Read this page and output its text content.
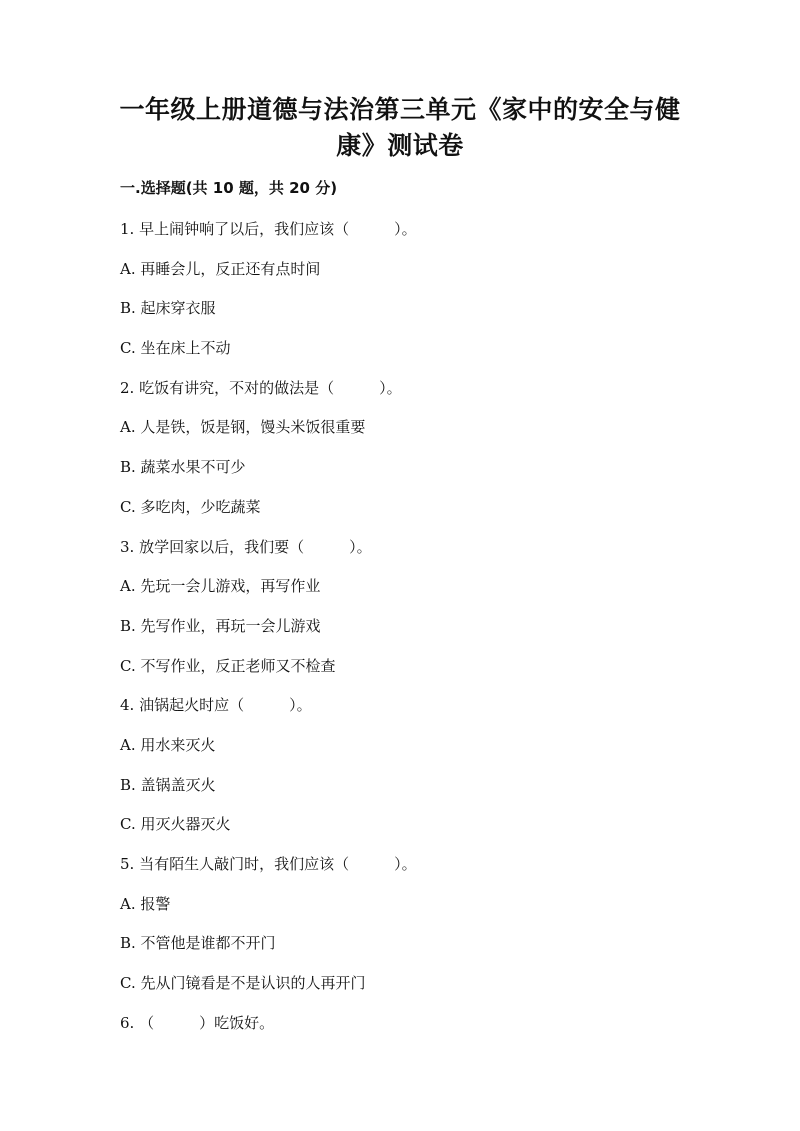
一年级上册道德与法治第三单元《家中的安全与健
康》测试卷
一.选择题(共 10 题，共 20 分)
1. 早上闹钟响了以后，我们应该（　　　）。
A. 再睡会儿，反正还有点时间
B. 起床穿衣服
C. 坐在床上不动
2. 吃饭有讲究，不对的做法是（　　　）。
A. 人是铁，饭是钢，馒头米饭很重要
B. 蔬菜水果不可少
C. 多吃肉，少吃蔬菜
3. 放学回家以后，我们要（　　　）。
A. 先玩一会儿游戏，再写作业
B. 先写作业，再玩一会儿游戏
C. 不写作业，反正老师又不检查
4. 油锅起火时应（　　　）。
A. 用水来灭火
B. 盖锅盖灭火
C. 用灭火器灭火
5. 当有陌生人敲门时，我们应该（　　　）。
A. 报警
B. 不管他是谁都不开门
C. 先从门镜看是不是认识的人再开门
6. （　　　）吃饭好。
